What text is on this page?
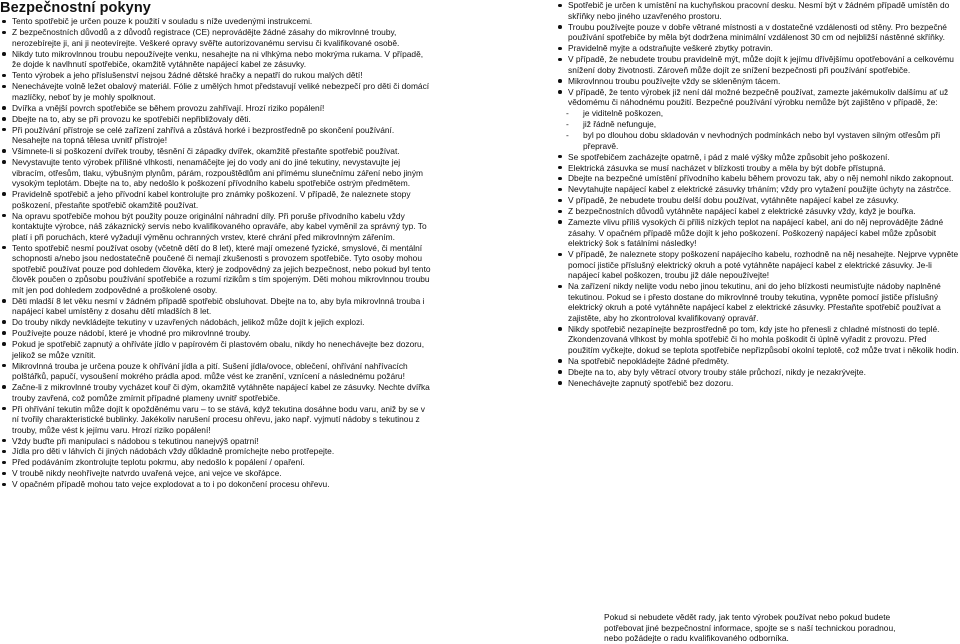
Bezpečnostní pokyny
Tento spotřebič je určen pouze k použití v souladu s níže uvedenými instrukcemi.
Z bezpečnostních důvodů a z důvodů registrace (CE) neprovádějte žádné zásahy do mikrovlnné trouby, nerozebírejte ji, ani ji neotevírejte. Veškeré opravy svěřte autorizovanému servisu či kvalifikované osobě.
Nikdy tuto mikrovlnnou troubu nepoužívejte venku, nesahejte na ni vlhkýma nebo mokrýma rukama. V případě, že dojde k navlhnutí spotřebiče, okamžitě vytáhněte napájecí kabel ze zásuvky.
Tento výrobek a jeho příslušenství nejsou žádné dětské hračky a nepatří do rukou malých dětí!
Nenechávejte volně ležet obalový materiál. Fólie z umělých hmot představují veliké nebezpečí pro děti či domácí mazlíčky, neboť by je mohly spolknout.
Dvířka a vnější povrch spotřebiče se během provozu zahřívají. Hrozí riziko popálení!
Dbejte na to, aby se při provozu ke spotřebiči nepřibližovaly děti.
Při používání přístroje se celé zařízení zahřívá a zůstává horké i bezprostředně po skončení používání. Nesahejte na topná tělesa uvnitř přístroje!
Všimnete-li si poškození dvířek trouby, těsnění či západky dvířek, okamžitě přestaňte spotřebič používat.
Nevystavujte tento výrobek přílišné vlhkosti, nenamáčejte jej do vody ani do jiné tekutiny, nevystavujte jej vibracím, otřesům, tlaku, výbušným plynům, párám, rozpouštědlům ani přímému slunečnímu záření nebo jiným vysokým teplotám. Dbejte na to, aby nedošlo k poškození přívodního kabelu spotřebiče ostrým předmětem.
Pravidelně spotřebič a jeho přívodní kabel kontrolujte pro známky poškození. V případě, že naleznete stopy poškození, přestaňte spotřebič okamžitě používat.
Na opravu spotřebiče mohou být použity pouze originální náhradní díly. Při poruše přívodního kabelu vždy kontaktujte výrobce, náš zákaznický servis nebo kvalifikovaného opraváře, aby kabel vyměnil za správný typ. To platí i při poruchách, které vyžadují výměnu ochranných vrstev, které chrání před mikrovlnným zářením.
Tento spotřebič nesmí používat osoby (včetně dětí do 8 let), které mají omezené fyzické, smyslové, či mentální schopnosti a/nebo jsou nedostatečně poučené či nemají zkušenosti s provozem spotřebiče. Tyto osoby mohou spotřebič používat pouze pod dohledem člověka, který je zodpovědný za jejich bezpečnost, nebo pokud byl tento člověk poučen o způsobu používání spotřebiče a rozumí rizikům s tím spojeným. Děti mohou mikrovlnnou troubu mít jen pod dohledem zodpovědné a proškolené osoby.
Děti mladší 8 let věku nesmí v žádném případě spotřebič obsluhovat. Dbejte na to, aby byla mikrovlnná trouba i napájecí kabel umístěny z dosahu dětí mladších 8 let.
Do trouby nikdy nevkládejte tekutiny v uzavřených nádobách, jelikož může dojít k jejich explozi.
Používejte pouze nádobí, které je vhodné pro mikrovlnné trouby.
Pokud je spotřebič zapnutý a ohříváte jídlo v papírovém či plastovém obalu, nikdy ho nenechávejte bez dozoru, jelikož se může vznítit.
Mikrovlnná trouba je určena pouze k ohřívání jídla a pití. Sušení jídla/ovoce, oblečení, ohřívání nahřívacích polštářků, papučí, vysoušení mokrého prádla apod. může vést ke zranění, vznícení a následnému požáru!
Začne-li z mikrovlnné trouby vycházet kouř či dým, okamžitě vytáhněte napájecí kabel ze zásuvky. Nechte dvířka trouby zavřená, což pomůže zmírnit případné plameny uvnitř spotřebiče.
Při ohřívání tekutin může dojít k opožděnému varu – to se stává, když tekutina dosáhne bodu varu, aniž by se v ní tvořily charakteristické bublinky. Jakékoliv narušení procesu ohřevu, jako např. vyjmutí nádoby s tekutinou z trouby, může vést k jejímu varu. Hrozí riziko popálení!
Vždy buďte při manipulaci s nádobou s tekutinou nanejvýš opatrní!
Jídla pro děti v láhvích či jiných nádobách vždy důkladně promíchejte nebo protřepejte.
Před podáváním zkontrolujte teplotu pokrmu, aby nedošlo k popálení / opaření.
V troubě nikdy neohřívejte natvrdo uvařená vejce, ani vejce ve skořápce.
V opačném případě mohou tato vejce explodovat a to i po dokončení procesu ohřevu.
Spotřebič je určen k umístění na kuchyňskou pracovní desku. Nesmí být v žádném případě umístěn do skříňky nebo jiného uzavřeného prostoru.
Troubu používejte pouze v dobře větrané místnosti a v dostatečné vzdálenosti od stěny. Pro bezpečné používání spotřebiče by měla být dodržena minimální vzdálenost 30 cm od nejbližší nástěnné skříňky.
Pravidelně myjte a odstraňujte veškeré zbytky potravin.
V případě, že nebudete troubu pravidelně mýt, může dojít k jejímu dřívějšímu opotřebování a celkovému snížení doby životnosti. Zároveň může dojít ze snížení bezpečnosti při používání spotřebiče.
Mikrovlnnou troubu používejte vždy se skleněným tácem.
V případě, že tento výrobek již není dál možné bezpečně používat, zamezte jakémukoliv dalšímu ať už vědomému či náhodnému použití. Bezpečné používání výrobku nemůže být zajištěno v případě, že:
- je viditelně poškozen,
- již řádně nefunguje,
- byl po dlouhou dobu skladován v nevhodných podmínkách nebo byl vystaven silným otřesům při přepravě.
Se spotřebičem zacházejte opatrně, i pád z malé výšky může způsobit jeho poškození.
Elektrická zásuvka se musí nacházet v blízkosti trouby a měla by být dobře přístupná.
Dbejte na bezpečné umístění přívodního kabelu během provozu tak, aby o něj nemohl nikdo zakopnout.
Nevytahujte napájecí kabel z elektrické zásuvky trháním; vždy pro vytažení použijte úchyty na zástrčce.
V případě, že nebudete troubu delší dobu používat, vytáhněte napájecí kabel ze zásuvky.
Z bezpečnostních důvodů vytáhněte napájecí kabel z elektrické zásuvky vždy, když je bouřka.
Zamezte vlivu příliš vysokých či příliš nízkých teplot na napájecí kabel, ani do něj neprovádějte žádné zásahy. V opačném případě může dojít k jeho poškození. Poškozený napájecí kabel může způsobit elektrický šok s fatálními následky!
V případě, že naleznete stopy poškození napájecího kabelu, rozhodně na něj nesahejte. Nejprve vypněte pomocí jističe příslušný elektrický okruh a poté vytáhněte napájecí kabel z elektrické zásuvky. Je-li napájecí kabel poškozen, troubu již dále nepoužívejte!
Na zařízení nikdy nelijte vodu nebo jinou tekutinu, ani do jeho blízkosti neumisťujte nádoby naplněné tekutinou. Pokud se i přesto dostane do mikrovlnné trouby tekutina, vypněte pomocí jističe příslušný elektrický okruh a poté vytáhněte napájecí kabel z elektrické zásuvky. Přestaňte spotřebič používat a zajistěte, aby ho zkontroloval kvalifikovaný opravář.
Nikdy spotřebič nezapínejte bezprostředně po tom, kdy jste ho přenesli z chladné místnosti do teplé. Zkondenzovaná vlhkost by mohla spotřebič či ho mohla poškodit či úplně vyřadit z provozu. Před použitím vyčkejte, dokud se teplota spotřebiče nepřizpůsobí okolní teplotě, což může trvat i několik hodin.
Na spotřebič nepokládejte žádné předměty.
Dbejte na to, aby byly větrací otvory trouby stále průchozí, nikdy je nezakrývejte.
Nenechávejte zapnutý spotřebič bez dozoru.
Pokud si nebudete vědět rady, jak tento výrobek používat nebo pokud budete potřebovat jiné bezpečnostní informace, spojte se s naší technickou poradnou, nebo požádejte o radu kvalifikovaného odborníka.
